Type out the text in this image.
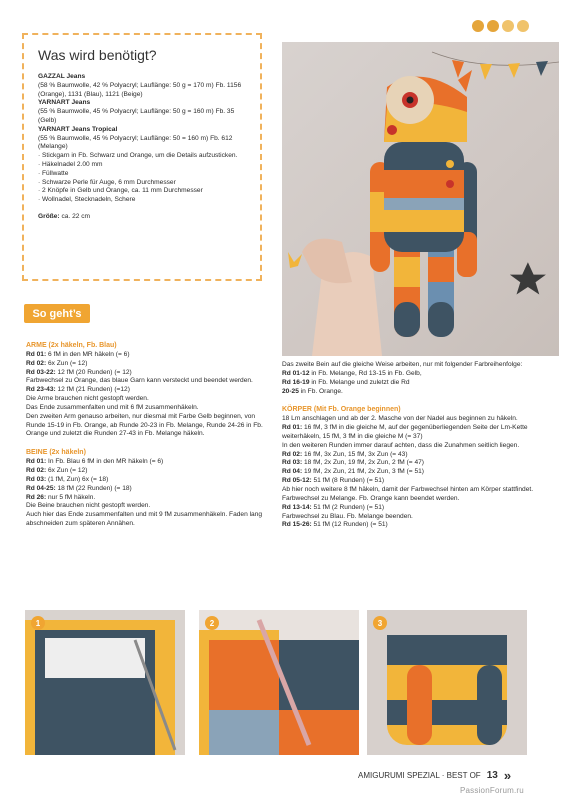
Was wird benötigt?

GAZZAL Jeans

(58 % Baumwolle, 42 % Polyacryl; Lauflänge: 50 g = 170 m) Fb. 1156 (Orange), 1131 (Blau), 1121 (Beige)

YARNART Jeans

(55 % Baumwolle, 45 % Polyacryl; Lauflänge: 50 g = 160 m) Fb. 35 (Gelb)

YARNART Jeans Tropical

(55 % Baumwolle, 45 % Polyacryl; Lauflänge: 50 = 160 m) Fb. 612 (Melange)

· Stickgarn in Fb. Schwarz und Orange, um die Details aufzusticken.

· Häkelnadel 2.00 mm

· Füllwatte

· Schwarze Perle für Auge, 6 mm Durchmesser

· 2 Knöpfe in Gelb und Orange, ca. 11 mm Durchmesser

· Wollnadel, Stecknadeln, Schere

Größe: ca. 22 cm

So geht’s

ARME (2x häkeln, Fb. Blau)

Rd 01: 6 fM in den MR häkeln (= 6)

Rd 02: 6x Zun (= 12)

Rd 03-22: 12 fM (20 Runden) (= 12)

Farbwechsel zu Orange, das blaue Garn kann versteckt und beendet werden.

Rd 23-43: 12 fM (21 Runden) (=12)

Die Arme brauchen nicht gestopft werden.

Das Ende zusammenfalten und mit 6 fM zusammenhäkeln.

Den zweiten Arm genauso arbeiten, nur diesmal mit Farbe Gelb beginnen, von Runde 15-19 in Fb. Orange, ab Runde 20-23 in Fb. Melange, Runde 24-26 in Fb. Orange und zuletzt die Runden 27-43 in Fb. Melange häkeln.

BEINE (2x häkeln)

Rd 01: In Fb. Blau 6 fM in den MR häkeln (= 6)

Rd 02: 6x Zun (= 12)

Rd 03: (1 fM, Zun) 6x (= 18)

Rd 04-25: 18 fM (22 Runden) (= 18)

Rd 26: nur 5 fM häkeln.

Die Beine brauchen nicht gestopft werden.

Auch hier das Ende zusammenfalten und mit 9 fM zusammenhäkeln. Faden lang abschneiden zum späteren Annähen.

Das zweite Bein auf die gleiche Weise arbeiten, nur mit folgender Farbreihenfolge:

Rd 01-12 in Fb. Melange, Rd 13-15 in Fb. Gelb,

Rd 16-19 in Fb. Melange und zuletzt die Rd

20-25 in Fb. Orange.

KÖRPER (Mit Fb. Orange beginnen)

18 Lm anschlagen und ab der 2. Masche von der Nadel aus beginnen zu häkeln.

Rd 01: 16 fM, 3 fM in die gleiche M, auf der gegenüberliegenden Seite der Lm-Kette weiterhäkeln, 15 fM, 3 fM in die gleiche M (= 37)

In den weiteren Runden immer darauf achten, dass die Zunahmen seitlich liegen.

Rd 02: 16 fM, 3x Zun, 15 fM, 3x Zun (= 43)

Rd 03: 18 fM, 2x Zun, 19 fM, 2x Zun, 2 fM (= 47)

Rd 04: 19 fM, 2x Zun, 21 fM, 2x Zun, 3 fM (= 51)

Rd 05-12: 51 fM (8 Runden) (= 51)

Ab hier noch weitere 8 fM häkeln, damit der Farbwechsel hinten am Körper stattfindet. Farbwechsel zu Melange. Fb. Orange kann beendet werden.

Rd 13-14: 51 fM (2 Runden) (= 51)

Farbwechsel zu Blau. Fb. Melange beenden.

Rd 15-26: 51 fM (12 Runden) (= 51)

1	2	3
AMIGURUMI SPEZIAL · BEST OF 13 »
PassionForum.ru
